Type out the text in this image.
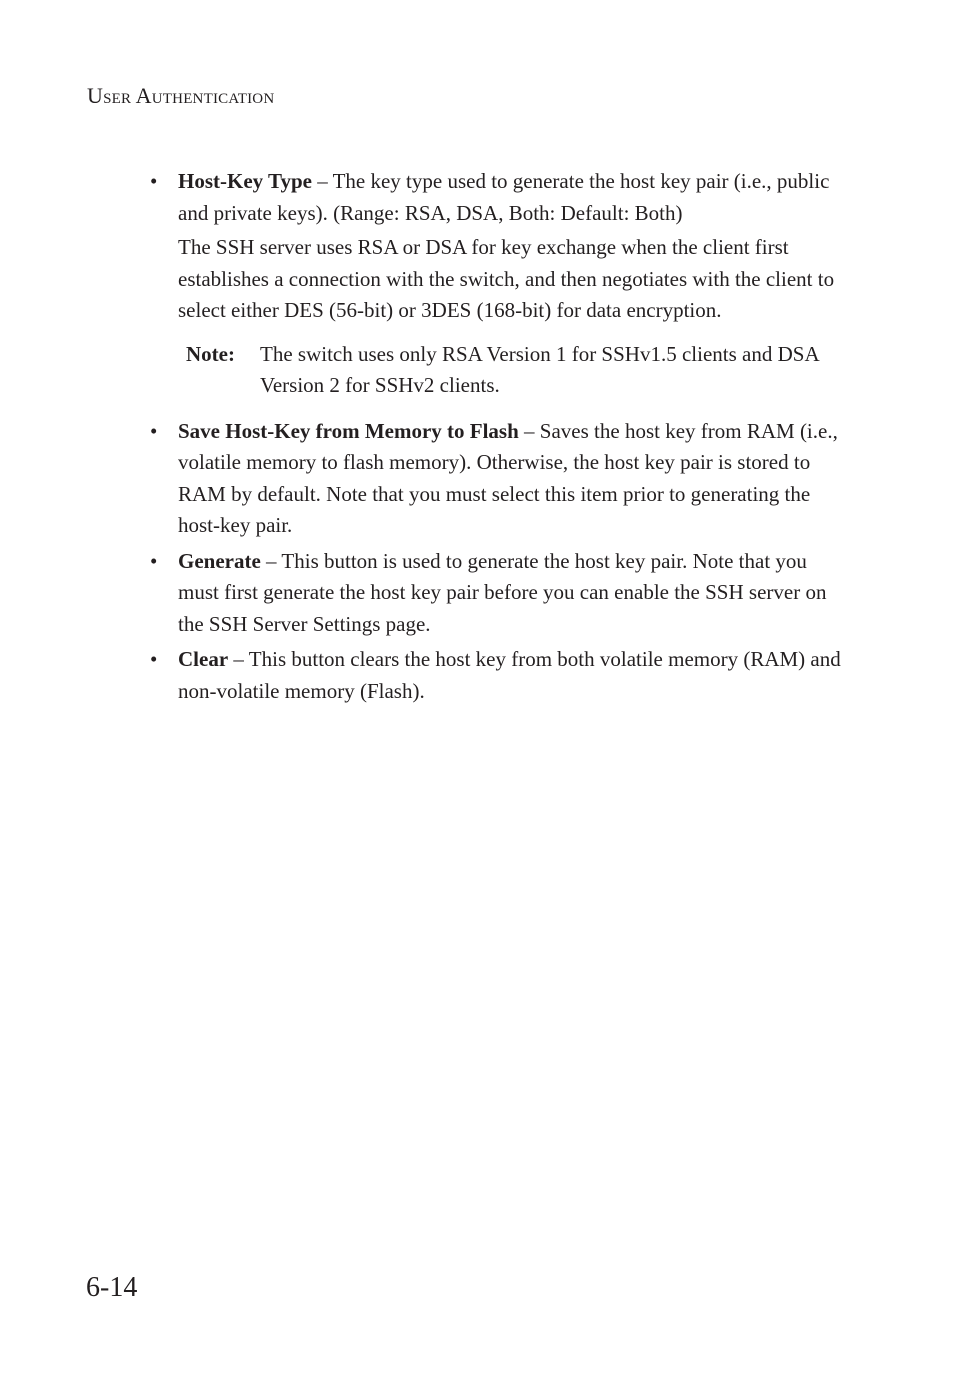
User Authentication
• Host-Key Type – The key type used to generate the host key pair (i.e., public and private keys). (Range: RSA, DSA, Both: Default: Both)

The SSH server uses RSA or DSA for key exchange when the client first establishes a connection with the switch, and then negotiates with the client to select either DES (56-bit) or 3DES (168-bit) for data encryption.

Note: The switch uses only RSA Version 1 for SSHv1.5 clients and DSA Version 2 for SSHv2 clients.
• Save Host-Key from Memory to Flash – Saves the host key from RAM (i.e., volatile memory to flash memory). Otherwise, the host key pair is stored to RAM by default. Note that you must select this item prior to generating the host-key pair.

• Generate – This button is used to generate the host key pair. Note that you must first generate the host key pair before you can enable the SSH server on the SSH Server Settings page.

• Clear – This button clears the host key from both volatile memory (RAM) and non-volatile memory (Flash).

6-14
